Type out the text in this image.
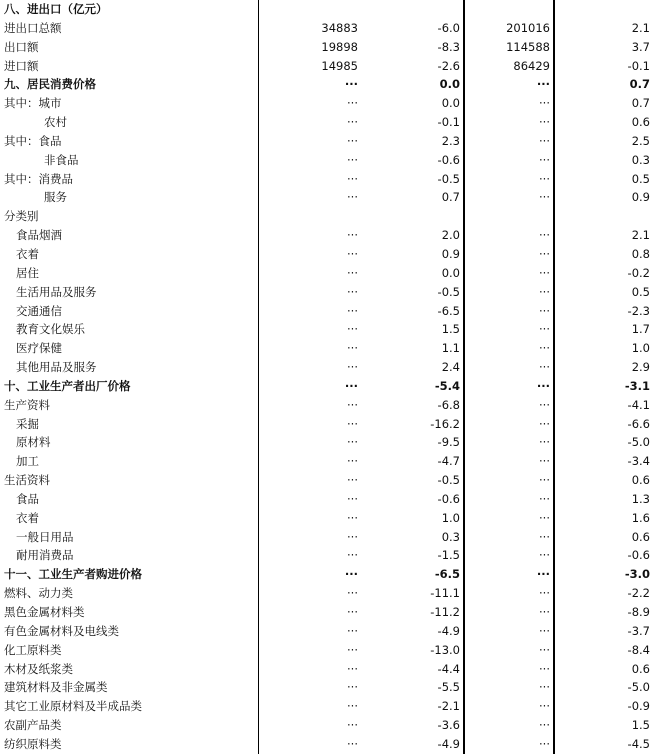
八、进出口（亿元）				
进出口总额	34883	-6.0	201016	2.1
出口额	19898	-8.3	114588	3.7
进口额	14985	-2.6	86429	-0.1
九、居民消费价格	···	0.0	···	0.7
其中：城市	···	0.0	···	0.7
农村	···	-0.1	···	0.6
其中：食品	···	2.3	···	2.5
非食品	···	-0.6	···	0.3
其中：消费品	···	-0.5	···	0.5
服务	···	0.7	···	0.9
分类别				
食品烟酒	···	2.0	···	2.1
衣着	···	0.9	···	0.8
居住	···	0.0	···	-0.2
生活用品及服务	···	-0.5	···	0.5
交通通信	···	-6.5	···	-2.3
教育文化娱乐	···	1.5	···	1.7
医疗保健	···	1.1	···	1.0
其他用品及服务	···	2.4	···	2.9
十、工业生产者出厂价格	···	-5.4	···	-3.1
生产资料	···	-6.8	···	-4.1
采掘	···	-16.2	···	-6.6
原材料	···	-9.5	···	-5.0
加工	···	-4.7	···	-3.4
生活资料	···	-0.5	···	0.6
食品	···	-0.6	···	1.3
衣着	···	1.0	···	1.6
一般日用品	···	0.3	···	0.6
耐用消费品	···	-1.5	···	-0.6
十一、工业生产者购进价格	···	-6.5	···	-3.0
燃料、动力类	···	-11.1	···	-2.2
黑色金属材料类	···	-11.2	···	-8.9
有色金属材料及电线类	···	-4.9	···	-3.7
化工原料类	···	-13.0	···	-8.4
木材及纸浆类	···	-4.4	···	0.6
建筑材料及非金属类	···	-5.5	···	-5.0
其它工业原材料及半成品类	···	-2.1	···	-0.9
农副产品类	···	-3.6	···	1.5
纺织原料类	···	-4.9	···	-4.5
